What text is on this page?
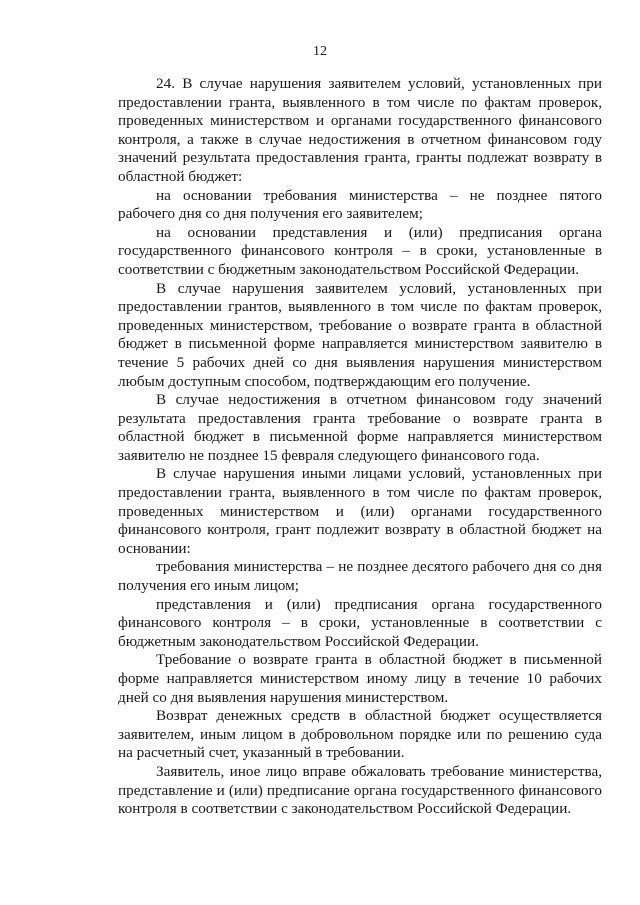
12

24. В случае нарушения заявителем условий, установленных при предоставлении гранта, выявленного в том числе по фактам проверок, проведенных министерством и органами государственного финансового контроля, а также в случае недостижения в отчетном финансовом году значений результата предоставления гранта, гранты подлежат возврату в областной бюджет:

на основании требования министерства – не позднее пятого рабочего дня со дня получения его заявителем;

на основании представления и (или) предписания органа государственного финансового контроля – в сроки, установленные в соответствии с бюджетным законодательством Российской Федерации.

В случае нарушения заявителем условий, установленных при предоставлении грантов, выявленного в том числе по фактам проверок, проведенных министерством, требование о возврате гранта в областной бюджет в письменной форме направляется министерством заявителю в течение 5 рабочих дней со дня выявления нарушения министерством любым доступным способом, подтверждающим его получение.

В случае недостижения в отчетном финансовом году значений результата предоставления гранта требование о возврате гранта в областной бюджет в письменной форме направляется министерством заявителю не позднее 15 февраля следующего финансового года.

В случае нарушения иными лицами условий, установленных при предоставлении гранта, выявленного в том числе по фактам проверок, проведенных министерством и (или) органами государственного финансового контроля, грант подлежит возврату в областной бюджет на основании:

требования министерства – не позднее десятого рабочего дня со дня получения его иным лицом;

представления и (или) предписания органа государственного финансового контроля – в сроки, установленные в соответствии с бюджетным законодательством Российской Федерации.

Требование о возврате гранта в областной бюджет в письменной форме направляется министерством иному лицу в течение 10 рабочих дней со дня выявления нарушения министерством.

Возврат денежных средств в областной бюджет осуществляется заявителем, иным лицом в добровольном порядке или по решению суда на расчетный счет, указанный в требовании.

Заявитель, иное лицо вправе обжаловать требование министерства, представление и (или) предписание органа государственного финансового контроля в соответствии с законодательством Российской Федерации.
